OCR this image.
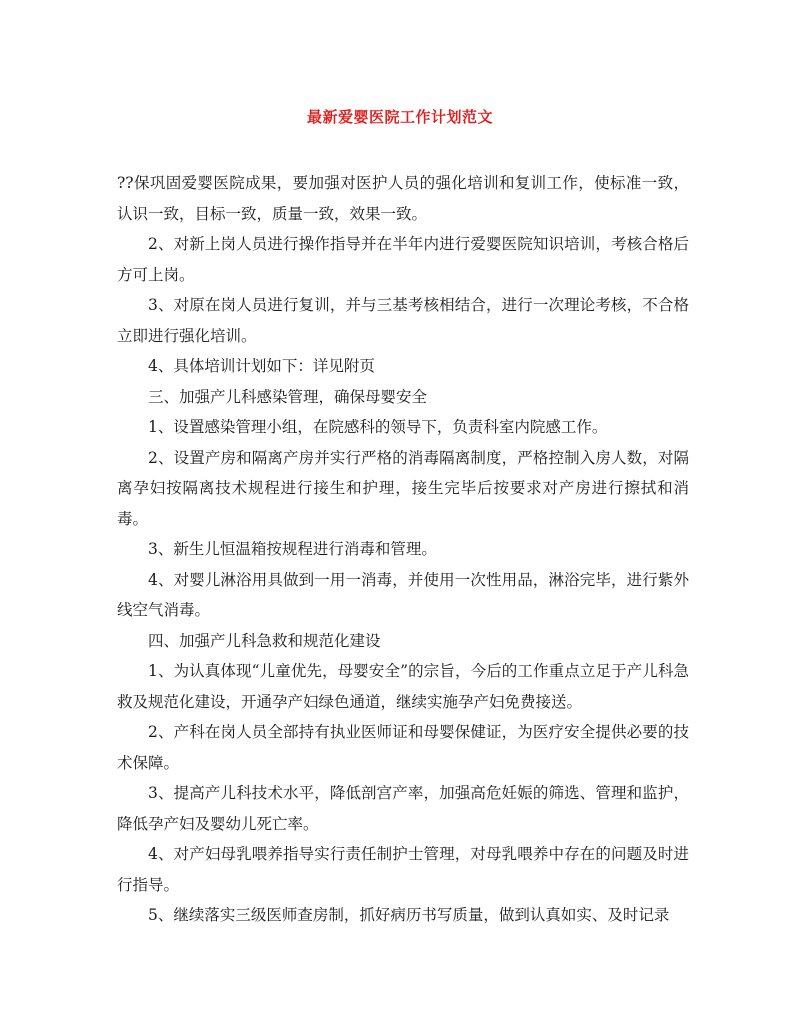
最新爱婴医院工作计划范文

??保巩固爱婴医院成果，要加强对医护人员的强化培训和复训工作，使标准一致，认识一致，目标一致，质量一致，效果一致。

2、对新上岗人员进行操作指导并在半年内进行爱婴医院知识培训，考核合格后方可上岗。

3、对原在岗人员进行复训，并与三基考核相结合，进行一次理论考核，不合格立即进行强化培训。

4、具体培训计划如下：详见附页

三、加强产儿科感染管理，确保母婴安全

1、设置感染管理小组，在院感科的领导下，负责科室内院感工作。

2、设置产房和隔离产房并实行严格的消毒隔离制度，严格控制入房人数，对隔离孕妇按隔离技术规程进行接生和护理，接生完毕后按要求对产房进行擦拭和消毒。

3、新生儿恒温箱按规程进行消毒和管理。

4、对婴儿淋浴用具做到一用一消毒，并使用一次性用品，淋浴完毕，进行紫外线空气消毒。

四、加强产儿科急救和规范化建设

1、为认真体现“儿童优先，母婴安全”的宗旨，今后的工作重点立足于产儿科急救及规范化建设，开通孕产妇绿色通道，继续实施孕产妇免费接送。

2、产科在岗人员全部持有执业医师证和母婴保健证，为医疗安全提供必要的技术保障。

3、提高产儿科技术水平，降低剖宫产率，加强高危妊娠的筛选、管理和监护，降低孕产妇及婴幼儿死亡率。

4、对产妇母乳喂养指导实行责任制护士管理，对母乳喂养中存在的问题及时进行指导。

5、继续落实三级医师查房制，抓好病历书写质量，做到认真如实、及时记录
